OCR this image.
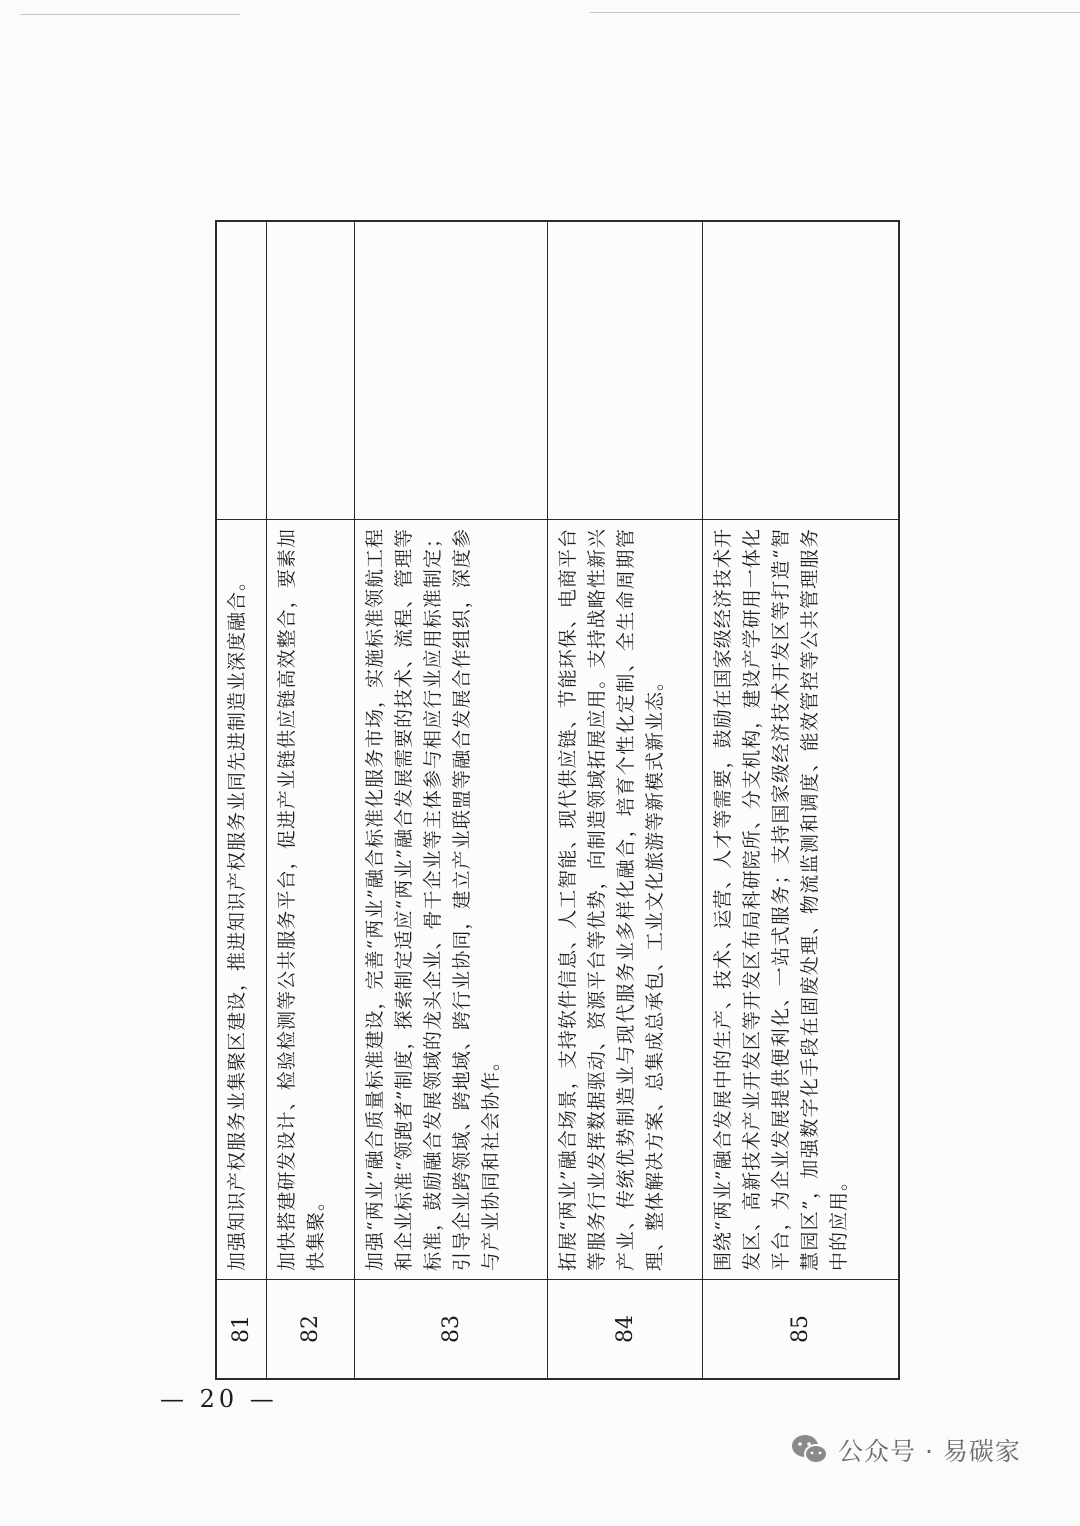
81
加强知识产权服务业集聚区建设，推进知识产权服务业同先进制造业深度融合。
82
加快搭建研发设计、检验检测等公共服务平台，促进产业链供应链高效整合，要素加快集聚。
83
加强“两业”融合质量标准建设，完善“两业”融合标准化服务市场，实施标准领航工程和企业标准“领跑者”制度，探索制定适应“两业”融合发展需要的技术、流程、管理等标准，鼓励融合发展领域的龙头企业、骨干企业等主体参与相应行业应用标准制定；引导企业跨领域、跨地域、跨行业协同，建立产业联盟等融合发展合作组织，深度参与产业协同和社会协作。
84
拓展“两业”融合场景，支持软件信息、人工智能、现代供应链、节能环保、电商平台等服务行业发挥数据驱动、资源平台等优势，向制造领域拓展应用。支持战略性新兴产业、传统优势制造业与现代服务业多样化融合，培育个性化定制、全生命周期管理、整体解决方案、总集成总承包、工业文化旅游等新模式新业态。
85
围绕“两业”融合发展中的生产、技术、运营、人才等需要，鼓励在国家级经济技术开发区、高新技术产业开发区等开发区布局科研院所、分支机构，建设产学研用一体化平台，为企业发展提供便利化、一站式服务；支持国家级经济技术开发区等打造“智慧园区”，加强数字化手段在固废处理、物流监测和调度、能效管控等公共管理服务中的应用。
— 20 —
公众号 · 易碳家
